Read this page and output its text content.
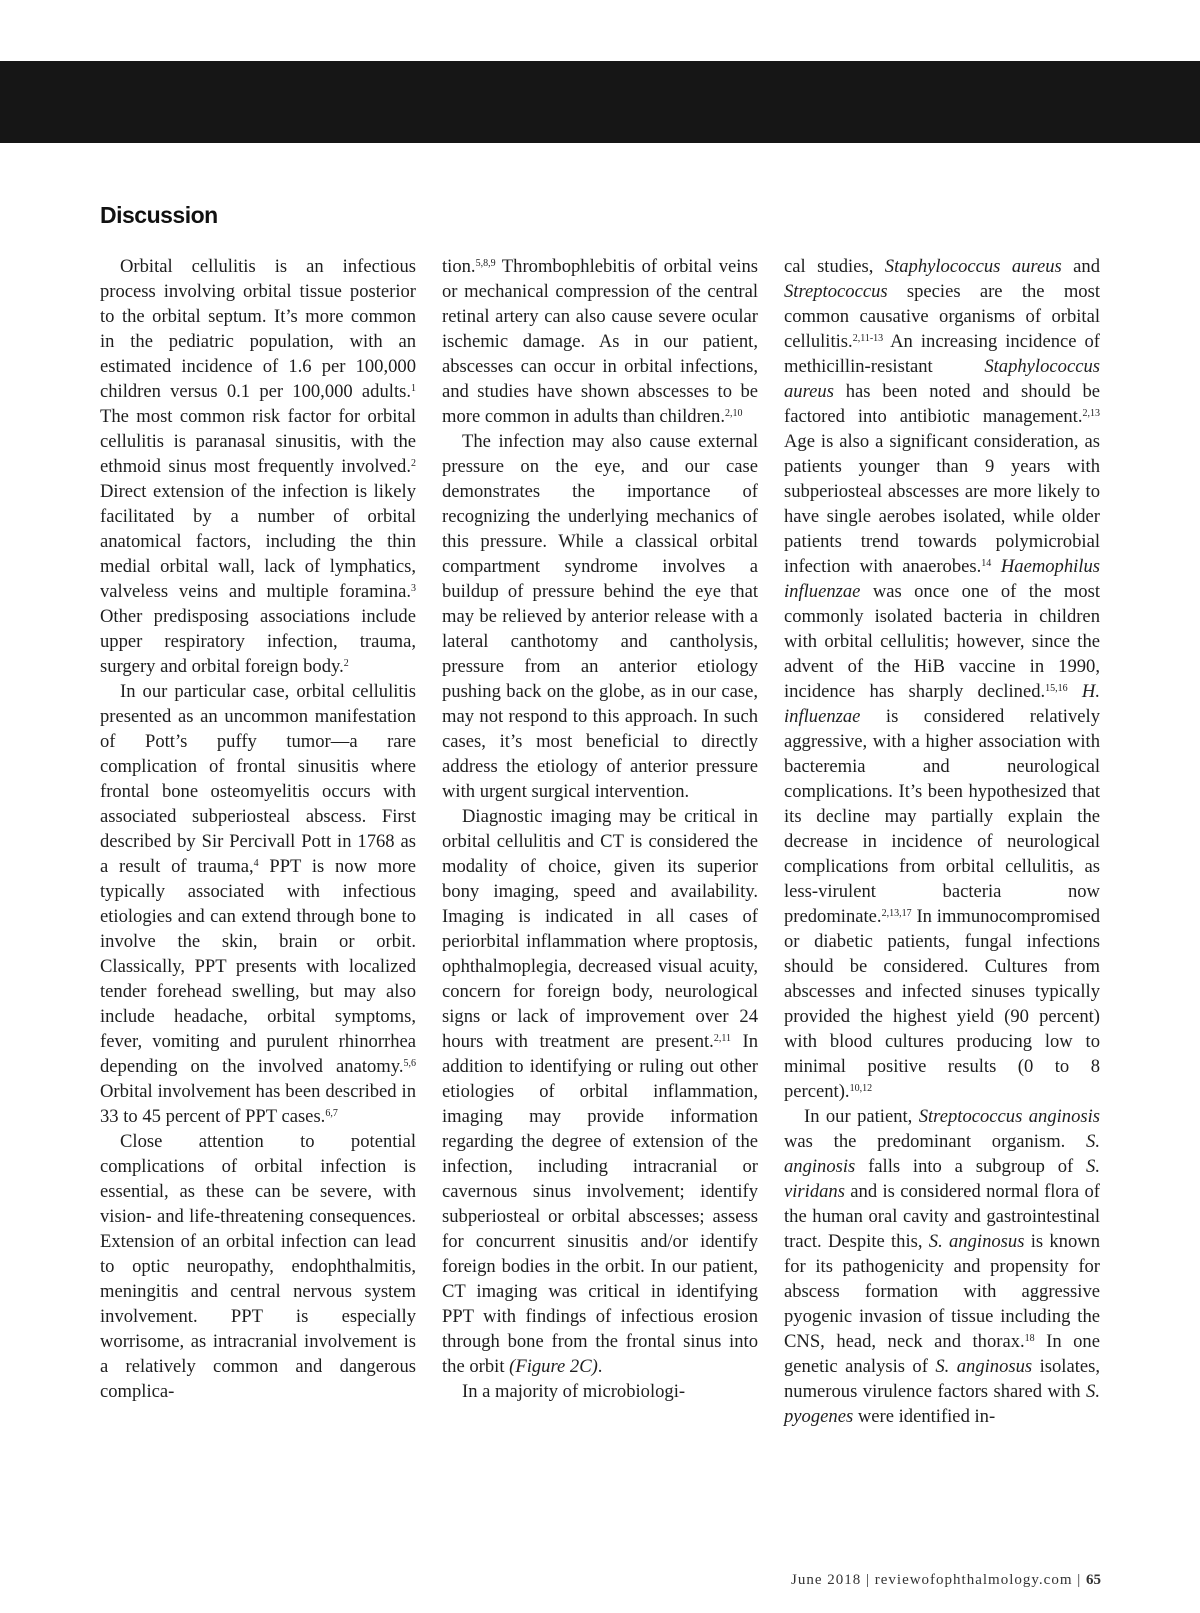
Discussion

Orbital cellulitis is an infectious process involving orbital tissue posterior to the orbital septum. It’s more common in the pediatric population, with an estimated incidence of 1.6 per 100,000 children versus 0.1 per 100,000 adults.$^1$ The most common risk factor for orbital cellulitis is paranasal sinusitis, with the ethmoid sinus most frequently involved.$^2$ Direct extension of the infection is likely facilitated by a number of orbital anatomical factors, including the thin medial orbital wall, lack of lymphatics, valveless veins and multiple foramina.$^3$ Other predisposing associations include upper respiratory infection, trauma, surgery and orbital foreign body.$^2$

In our particular case, orbital cellulitis presented as an uncommon manifestation of Pott’s puffy tumor—a rare complication of frontal sinusitis where frontal bone osteomyelitis occurs with associated subperiosteal abscess. First described by Sir Percivall Pott in 1768 as a result of trauma,$^4$ PPT is now more typically associated with infectious etiologies and can extend through bone to involve the skin, brain or orbit. Classically, PPT presents with localized tender forehead swelling, but may also include headache, orbital symptoms, fever, vomiting and purulent rhinorrhea depending on the involved anatomy.$^{5,6}$ Orbital involvement has been described in 33 to 45 percent of PPT cases.$^{6,7}$

Close attention to potential complications of orbital infection is essential, as these can be severe, with vision- and life-threatening consequences. Extension of an orbital infection can lead to optic neuropathy, endophthalmitis, meningitis and central nervous system involvement. PPT is especially worrisome, as intracranial involvement is a relatively common and dangerous complica-

tion.$^{5,8,9}$ Thrombophlebitis of orbital veins or mechanical compression of the central retinal artery can also cause severe ocular ischemic damage. As in our patient, abscesses can occur in orbital infections, and studies have shown abscesses to be more common in adults than children.$^{2,10}$

The infection may also cause external pressure on the eye, and our case demonstrates the importance of recognizing the underlying mechanics of this pressure. While a classical orbital compartment syndrome involves a buildup of pressure behind the eye that may be relieved by anterior release with a lateral canthotomy and cantholysis, pressure from an anterior etiology pushing back on the globe, as in our case, may not respond to this approach. In such cases, it’s most beneficial to directly address the etiology of anterior pressure with urgent surgical intervention.

Diagnostic imaging may be critical in orbital cellulitis and CT is considered the modality of choice, given its superior bony imaging, speed and availability. Imaging is indicated in all cases of periorbital inflammation where proptosis, ophthalmoplegia, decreased visual acuity, concern for foreign body, neurological signs or lack of improvement over 24 hours with treatment are present.$^{2,11}$ In addition to identifying or ruling out other etiologies of orbital inflammation, imaging may provide information regarding the degree of extension of the infection, including intracranial or cavernous sinus involvement; identify subperiosteal or orbital abscesses; assess for concurrent sinusitis and/or identify foreign bodies in the orbit. In our patient, CT imaging was critical in identifying PPT with findings of infectious erosion through bone from the frontal sinus into the orbit (Figure 2C).

In a majority of microbiologi-

cal studies, Staphylococcus aureus and Streptococcus species are the most common causative organisms of orbital cellulitis.$^{2,11-13}$ An increasing incidence of methicillin-resistant Staphylococcus aureus has been noted and should be factored into antibiotic management.$^{2,13}$ Age is also a significant consideration, as patients younger than 9 years with subperiosteal abscesses are more likely to have single aerobes isolated, while older patients trend towards polymicrobial infection with anaerobes.$^{14}$ Haemophilus influenzae was once one of the most commonly isolated bacteria in children with orbital cellulitis; however, since the advent of the HiB vaccine in 1990, incidence has sharply declined.$^{15,16}$ H. influenzae is considered relatively aggressive, with a higher association with bacteremia and neurological complications. It’s been hypothesized that its decline may partially explain the decrease in incidence of neurological complications from orbital cellulitis, as less-virulent bacteria now predominate.$^{2,13,17}$ In immunocompromised or diabetic patients, fungal infections should be considered. Cultures from abscesses and infected sinuses typically provided the highest yield (90 percent) with blood cultures producing low to minimal positive results (0 to 8 percent).$^{10,12}$

In our patient, Streptococcus anginosis was the predominant organism. S. anginosis falls into a subgroup of S. viridans and is considered normal flora of the human oral cavity and gastrointestinal tract. Despite this, S. anginosus is known for its pathogenicity and propensity for abscess formation with aggressive pyogenic invasion of tissue including the CNS, head, neck and thorax.$^{18}$ In one genetic analysis of S. anginosus isolates, numerous virulence factors shared with S. pyogenes were identified in-

June 2018 | reviewofophthalmology.com | 65
